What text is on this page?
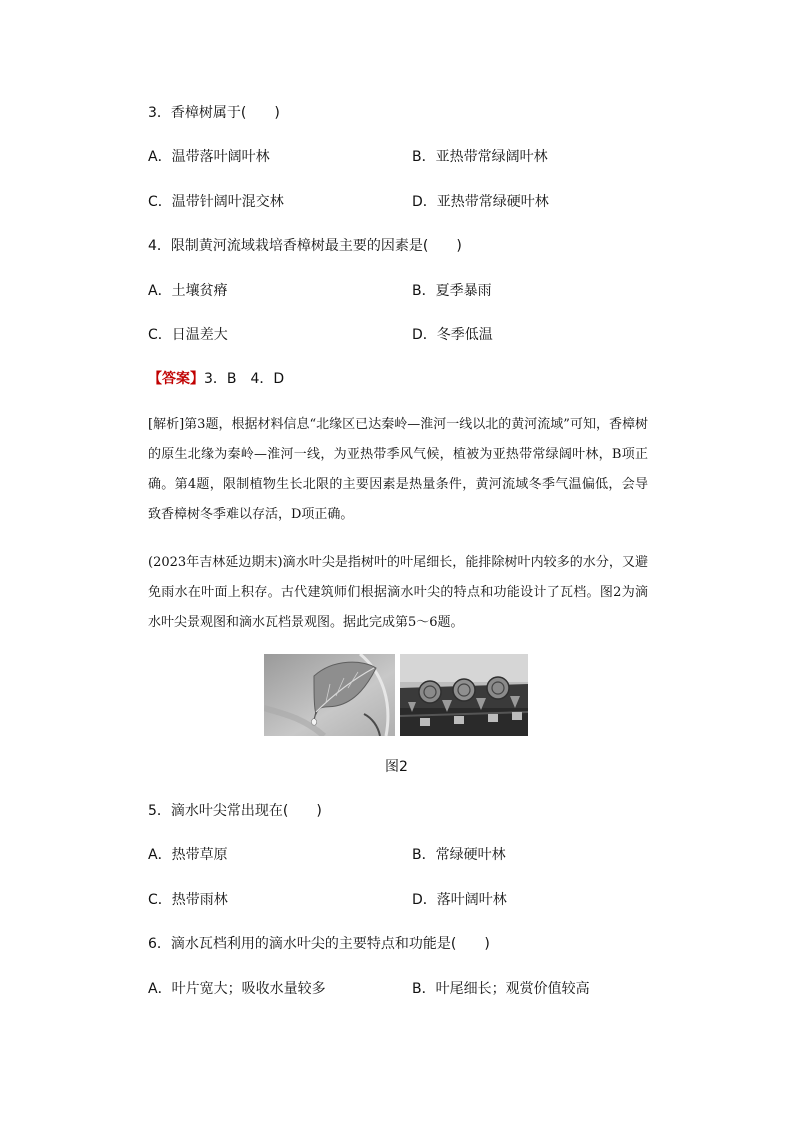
3．香樟树属于(　　)
A．温带落叶阔叶林	B．亚热带常绿阔叶林
C．温带针阔叶混交林	D．亚热带常绿硬叶林
4．限制黄河流域栽培香樟树最主要的因素是(　　)
A．土壤贫瘠	B．夏季暴雨
C．日温差大	D．冬季低温
【答案】3．B　4．D

[解析]第3题，根据材料信息“北缘区已达秦岭—淮河一线以北的黄河流域”可知，香樟树的原生北缘为秦岭—淮河一线，为亚热带季风气候，植被为亚热带常绿阔叶林，B项正确。第4题，限制植物生长北限的主要因素是热量条件，黄河流域冬季气温偏低，会导致香樟树冬季难以存活，D项正确。

(2023年吉林延边期末)滴水叶尖是指树叶的叶尾细长，能排除树叶内较多的水分，又避免雨水在叶面上积存。古代建筑师们根据滴水叶尖的特点和功能设计了瓦档。图2为滴水叶尖景观图和滴水瓦档景观图。据此完成第5～6题。

图2
5．滴水叶尖常出现在(　　)
A．热带草原	B．常绿硬叶林
C．热带雨林	D．落叶阔叶林
6．滴水瓦档利用的滴水叶尖的主要特点和功能是(　　)
A．叶片宽大；吸收水量较多	B．叶尾细长；观赏价值较高
